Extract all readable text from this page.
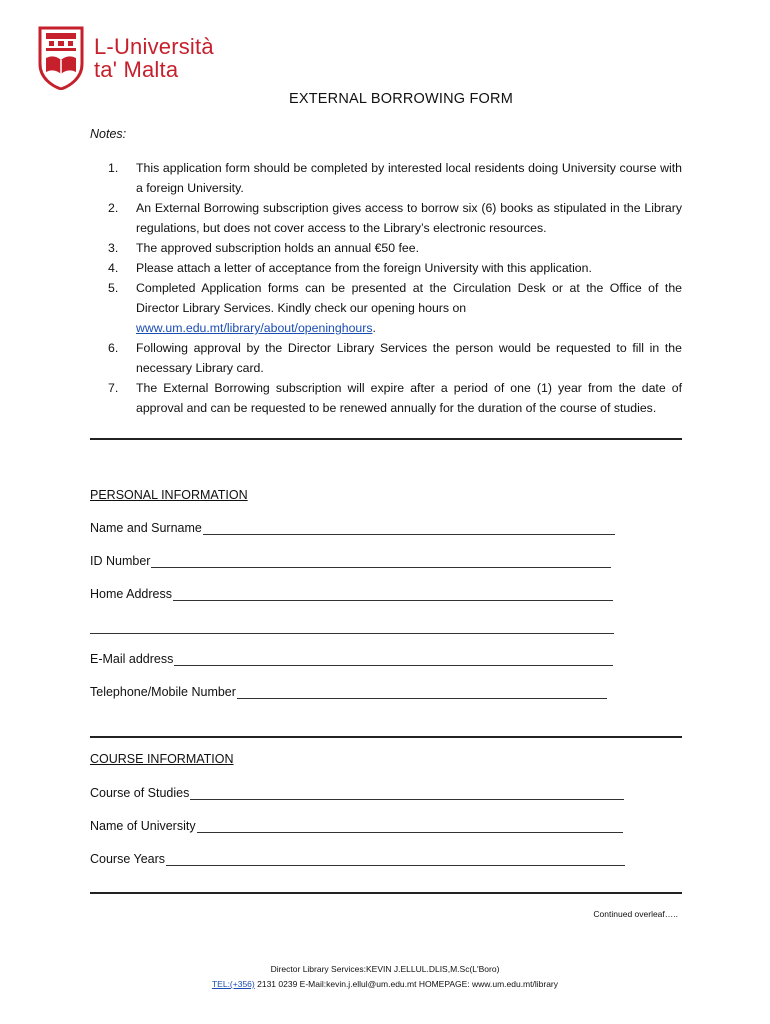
L-Università
ta' Malta
EXTERNAL BORROWING FORM
Notes:
1.	This application form should be completed by interested local residents doing University course with a foreign University.
2.	An External Borrowing subscription gives access to borrow six (6) books as stipulated in the Library regulations, but does not cover access to the Library’s electronic resources.
3.	The approved subscription holds an annual €50 fee.
4.	Please attach a letter of acceptance from the foreign University with this application.
5.	Completed Application forms can be presented at the Circulation Desk or at the Office of the Director Library Services. Kindly check our opening hours on
www.um.edu.mt/library/about/openinghours.
6.	Following approval by the Director Library Services the person would be requested to fill in the necessary Library card.
7.	The External Borrowing subscription will expire after a period of one (1) year from the date of approval and can be requested to be renewed annually for the duration of the course of studies.
PERSONAL INFORMATION
Name and Surname
ID Number
Home Address
E-Mail address
Telephone/Mobile Number
COURSE INFORMATION
Course of Studies
Name of University
Course Years
Continued overleaf…..
Director Library Services:KEVIN J.ELLUL.DLIS,M.Sc(L'Boro)
TEL:(+356) 2131 0239 E-Mail:kevin.j.ellul@um.edu.mt HOMEPAGE: www.um.edu.mt/library
